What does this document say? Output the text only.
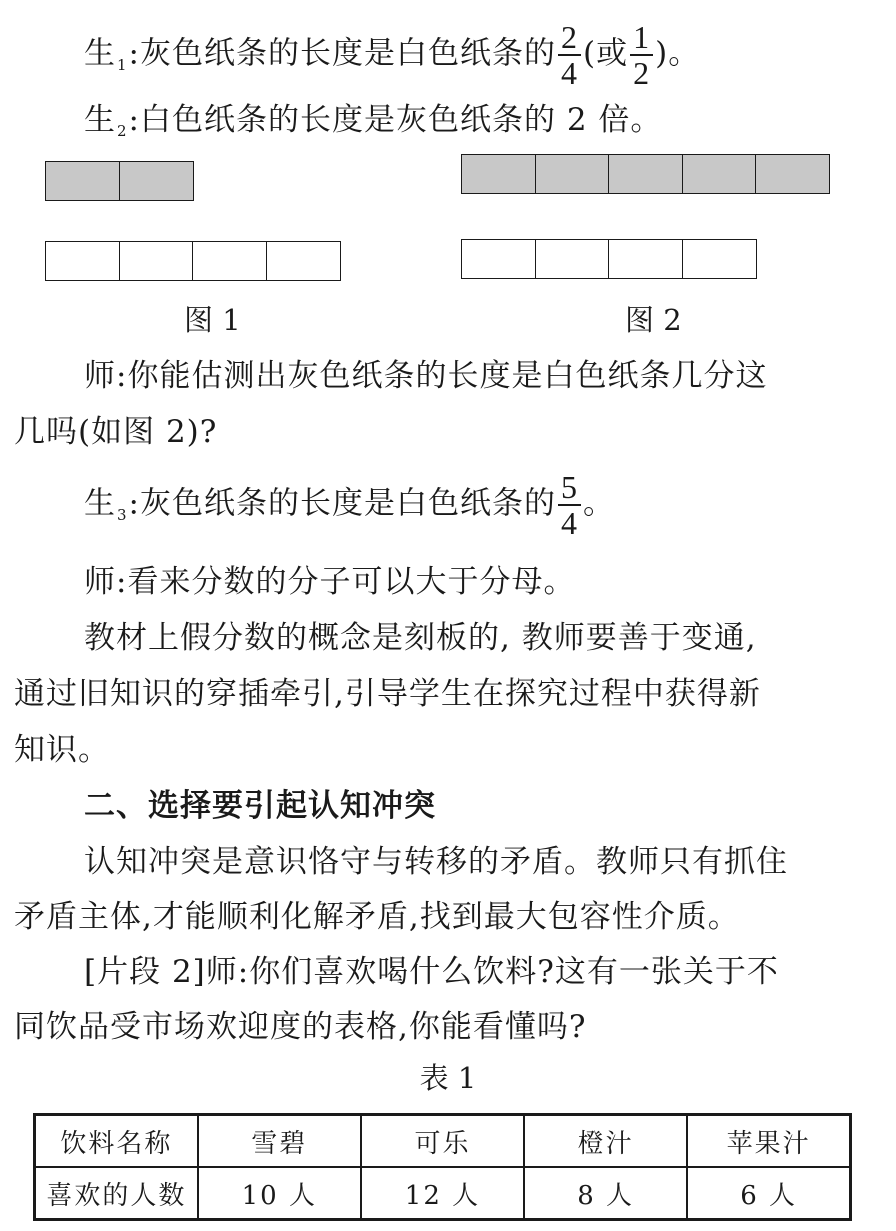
生$_1$:灰色纸条的长度是白色纸条的 $\frac{2}{4}$ (或 $\frac{1}{2}$ )。
生$_2$:白色纸条的长度是灰色纸条的 2 倍。
图 1	图 2
师:你能估测出灰色纸条的长度是白色纸条几分这
几吗(如图 2)?
生$_3$:灰色纸条的长度是白色纸条的 $\frac{5}{4}$ 。
师:看来分数的分子可以大于分母。
教材上假分数的概念是刻板的, 教师要善于变通,
通过旧知识的穿插牵引,引导学生在探究过程中获得新
知识。
二、选择要引起认知冲突
认知冲突是意识恪守与转移的矛盾。教师只有抓住
矛盾主体,才能顺利化解矛盾,找到最大包容性介质。
[片段 2]师:你们喜欢喝什么饮料?这有一张关于不
同饮品受市场欢迎度的表格,你能看懂吗?
表 1
饮料名称	雪碧	可乐	橙汁	苹果汁
喜欢的人数	10 人	12 人	8 人	6 人
